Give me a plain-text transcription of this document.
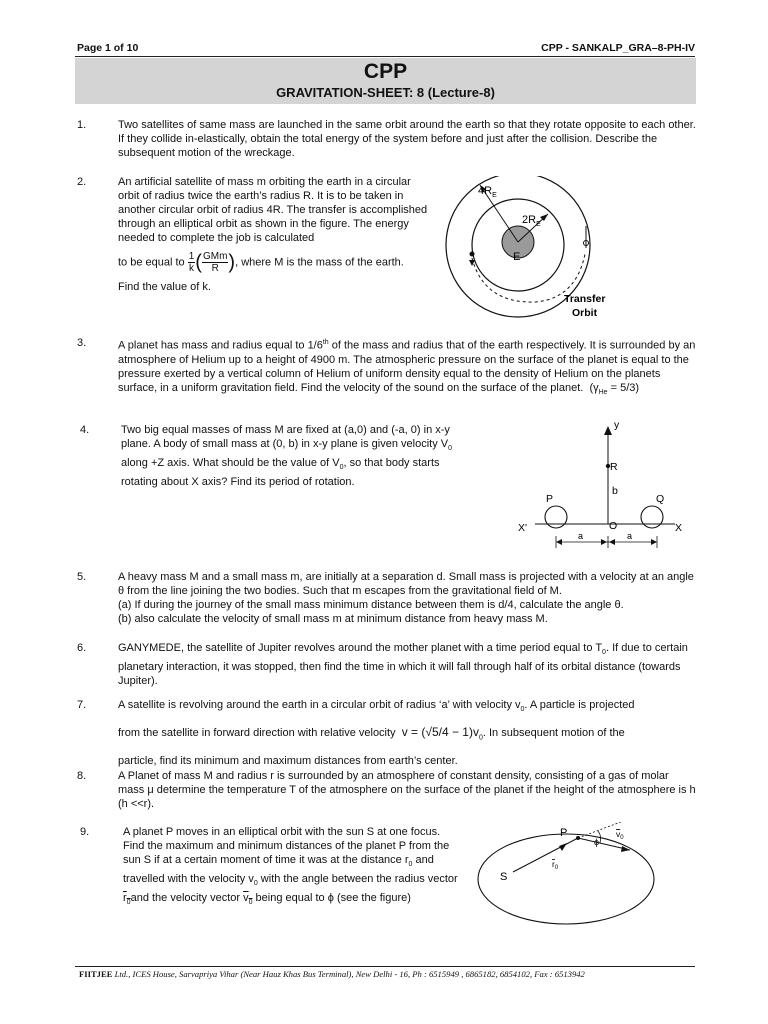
Page 1 of 10	CPP - SANKALP_GRA–8-PH-IV
CPP
GRAVITATION-SHEET: 8 (Lecture-8)
1.	Two satellites of same mass are launched in the same orbit around the earth so that they rotate opposite to each other. If they collide in-elastically, obtain the total energy of the system before and just after the collision. Describe the subsequent motion of the wreckage.
2.	An artificial satellite of mass m orbiting the earth in a circular orbit of radius twice the earth’s radius R. It is to be taken in another circular orbit of radius 4R. The transfer is accomplished through an elliptical orbit as shown in the figure. The energy needed to complete the job is calculated

to be equal to $\frac{1}{k}$ ( $\frac{\text{GMm}}{R}$ ), where M is the mass of the earth.

Find the value of k.

$4R_E$
$2R_E$
E
Transfer
Orbit
3.	A planet has mass and radius equal to 1/6th of the mass and radius that of the earth respectively. It is surrounded by an atmosphere of Helium up to a height of 4900 m. The atmospheric pressure on the surface of the planet is equal to the pressure exerted by a vertical column of Helium of uniform density equal to the density of Helium on the planets surface, in a uniform gravitation field. Find the velocity of the sound on the surface of the planet. $(\gamma_{He} = 5/3)$
4.	Two big equal masses of mass M are fixed at (a,0) and (-a, 0) in x-y plane. A body of small mass at (0, b) in x-y plane is given velocity $V_0$ along +Z axis. What should be the value of $V_0$, so that body starts rotating about X axis? Find its period of rotation.
y
R
b
P	Q
X'	O	X
a	a
5.	A heavy mass M and a small mass m, are initially at a separation d. Small mass is projected with a velocity at an angle θ from the line joining the two bodies. Such that m escapes from the gravitational field of M.

(a) If during the journey of the small mass minimum distance between them is d/4, calculate the angle θ.

(b) also calculate the velocity of small mass m at minimum distance from heavy mass M.

6.	GANYMEDE, the satellite of Jupiter revolves around the mother planet with a time period equal to $T_0$. If due to certain planetary interaction, it was stopped, then find the time in which it will fall through half of its orbital distance (towards Jupiter).
7.	A satellite is revolving around the earth in a circular orbit of radius ‘a’ with velocity $v_0$. A particle is projected

from the satellite in forward direction with relative velocity $v = (√5/4 - 1)v_0$. In subsequent motion of the

particle, find its minimum and maximum distances from earth’s center.

8.	A Planet of mass M and radius r is surrounded by an atmosphere of constant density, consisting of a gas of molar mass μ determine the temperature T of the atmosphere on the surface of the planet if the height of the atmosphere is h (h <<r).
9.	A planet P moves in an elliptical orbit with the sun S at one focus. Find the maximum and minimum distances of the planet P from the sun S if at a certain moment of time it was at the distance $r_0$ and travelled with the velocity $v_0$ with the angle between the radius vector $r_0and$ the velocity vector $v_0$ being equal to ϕ (see the figure)
P
S
$v_0$
$r_0$
ϕ
FIITJEE Ltd., ICES House, Sarvapriya Vihar (Near Hauz Khas Bus Terminal), New Delhi - 16, Ph : 6515949 , 6865182, 6854102, Fax : 6513942
